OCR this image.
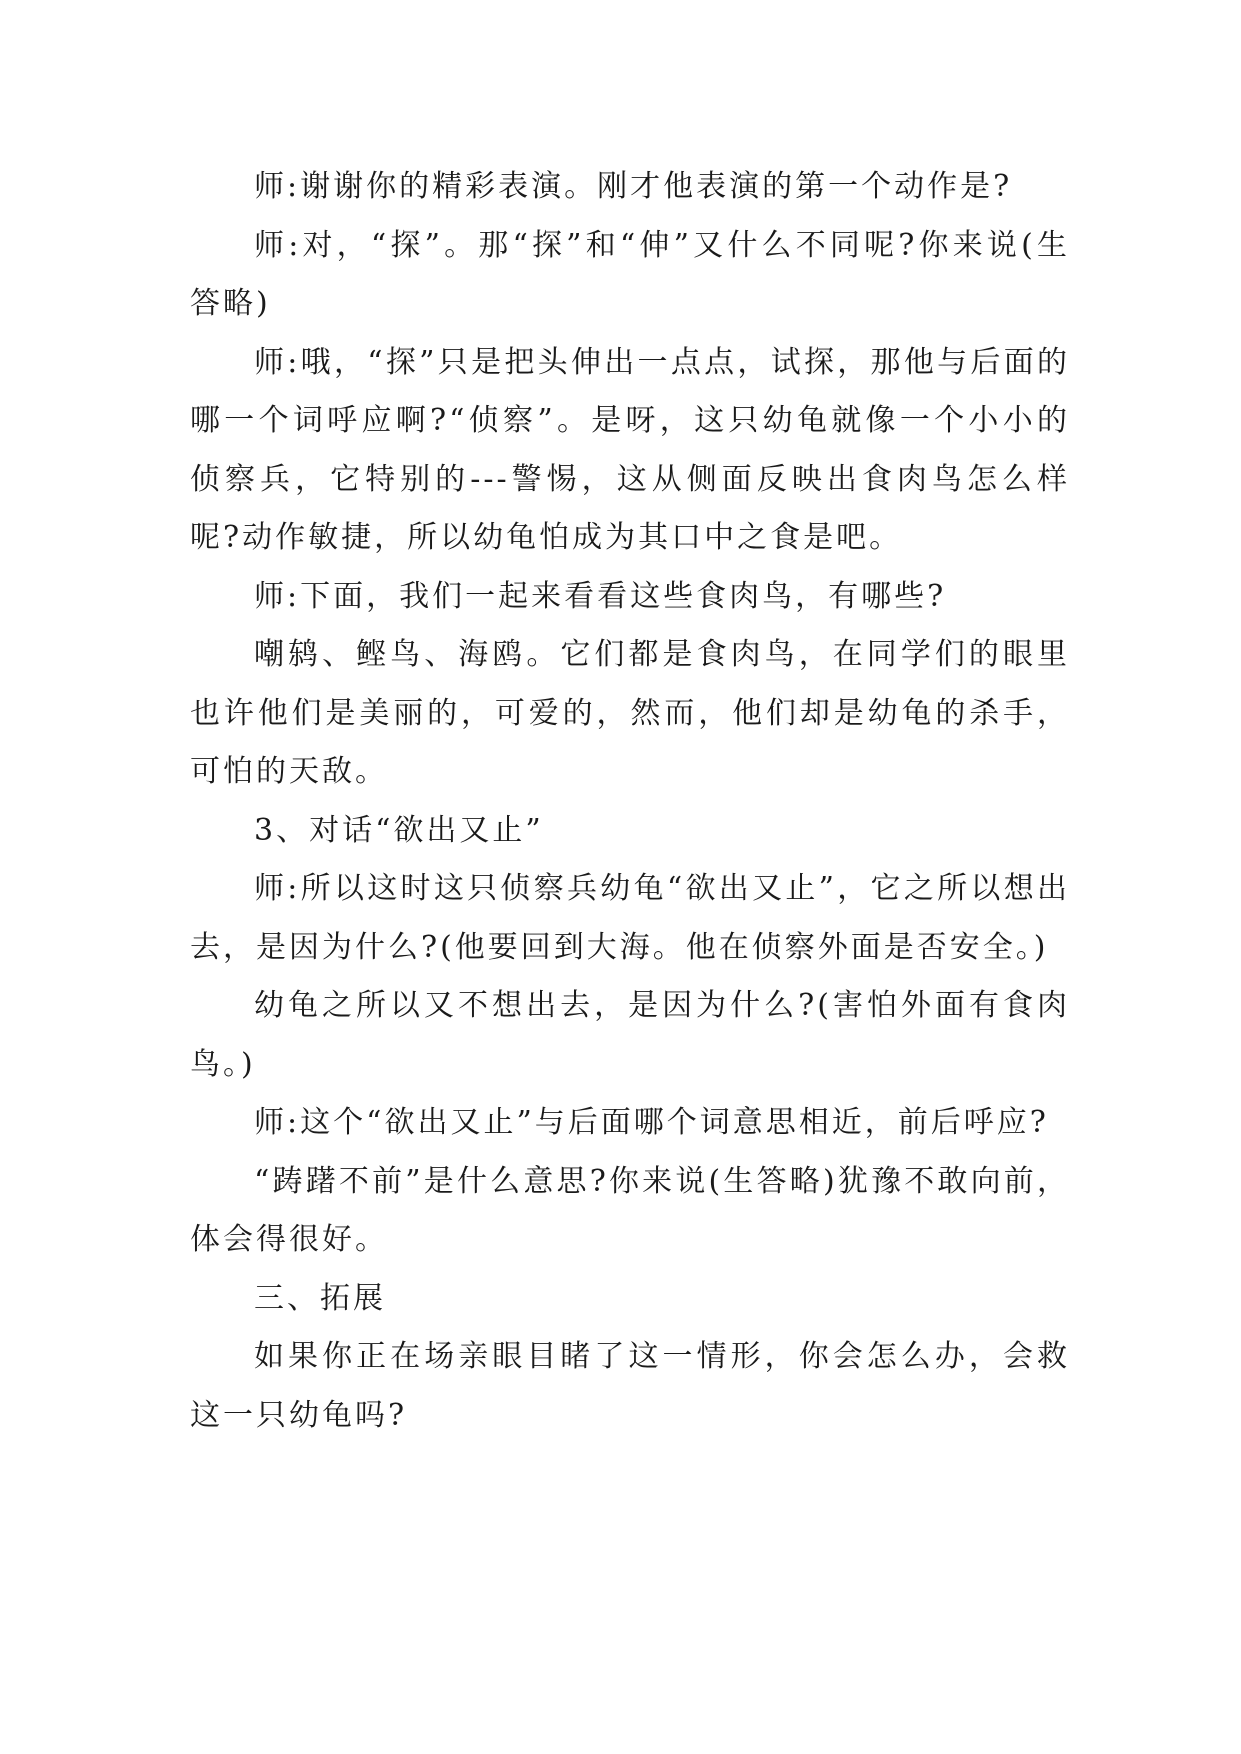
师:谢谢你的精彩表演。刚才他表演的第一个动作是?

师:对，“探”。那“探”和“伸”又什么不同呢?你来说(生答略)

师:哦，“探”只是把头伸出一点点，试探，那他与后面的哪一个词呼应啊?“侦察”。是呀，这只幼龟就像一个小小的侦察兵，它特别的---警惕，这从侧面反映出食肉鸟怎么样呢?动作敏捷，所以幼龟怕成为其口中之食是吧。

师:下面，我们一起来看看这些食肉鸟，有哪些?

嘲鸫、鲣鸟、海鸥。它们都是食肉鸟，在同学们的眼里也许他们是美丽的，可爱的，然而，他们却是幼龟的杀手，可怕的天敌。

3、对话“欲出又止”

师:所以这时这只侦察兵幼龟“欲出又止”，它之所以想出去，是因为什么?(他要回到大海。他在侦察外面是否安全。)

幼龟之所以又不想出去，是因为什么?(害怕外面有食肉鸟。)

师:这个“欲出又止”与后面哪个词意思相近，前后呼应?

“踌躇不前”是什么意思?你来说(生答略)犹豫不敢向前，体会得很好。

三、拓展

如果你正在场亲眼目睹了这一情形，你会怎么办，会救这一只幼龟吗?
